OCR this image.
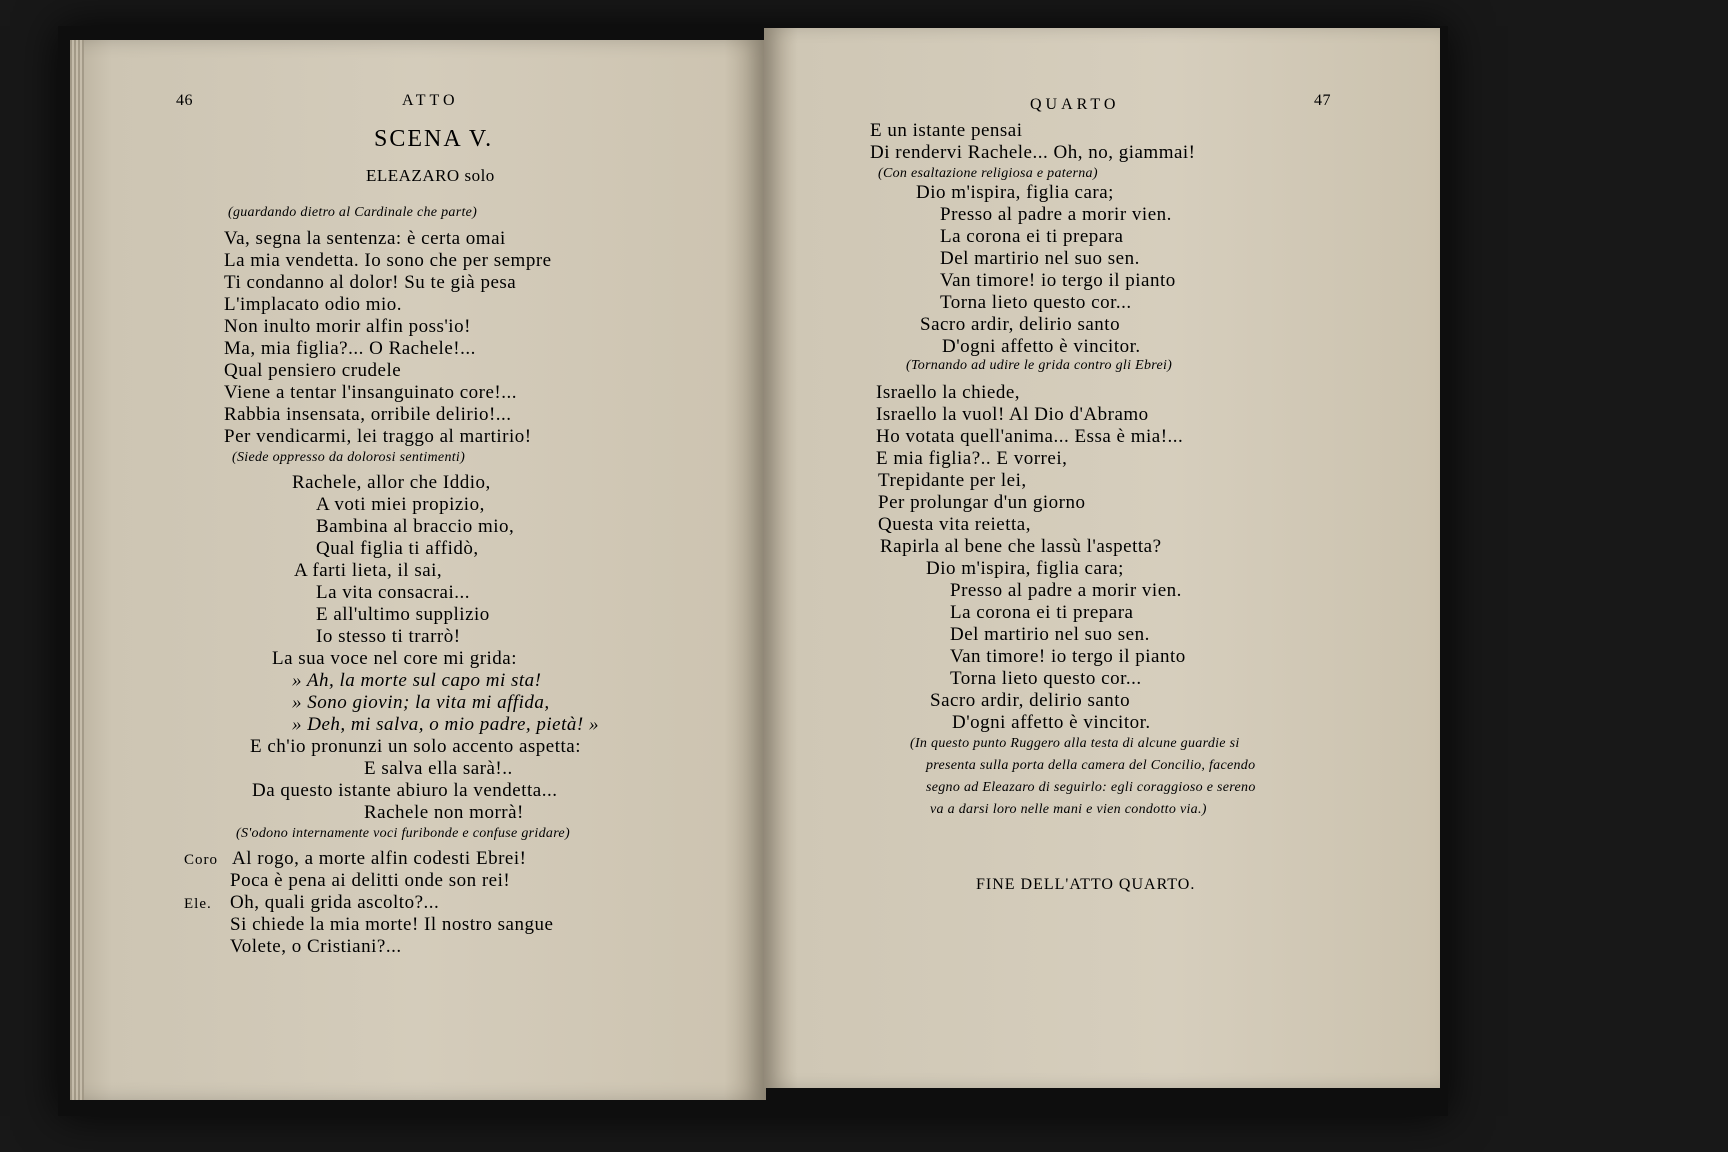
46	ATTO
SCENA V.
ELEAZARO solo
(guardando dietro al Cardinale che parte)
Va, segna la sentenza: è certa omai
La mia vendetta. Io sono che per sempre
Ti condanno al dolor! Su te già pesa
L'implacato odio mio.
Non inulto morir alfin poss'io!
Ma, mia figlia?... O Rachele!...
Qual pensiero crudele
Viene a tentar l'insanguinato core!...
Rabbia insensata, orribile delirio!...
Per vendicarmi, lei traggo al martirio!
(Siede oppresso da dolorosi sentimenti)
Rachele, allor che Iddio,
A voti miei propizio,
Bambina al braccio mio,
Qual figlia ti affidò,
A farti lieta, il sai,
La vita consacrai...
E all'ultimo supplizio
Io stesso ti trarrò!
La sua voce nel core mi grida:
» Ah, la morte sul capo mi sta!
» Sono giovin; la vita mi affida,
» Deh, mi salva, o mio padre, pietà! »
E ch'io pronunzi un solo accento aspetta:
E salva ella sarà!..
Da questo istante abiuro la vendetta...
Rachele non morrà!
(S'odono internamente voci furibonde e confuse gridare)
Coro Al rogo, a morte alfin codesti Ebrei!
Poca è pena ai delitti onde son rei!
Ele. Oh, quali grida ascolto?...
Si chiede la mia morte! Il nostro sangue
Volete, o Cristiani?...
QUARTO	47
E un istante pensai
Di rendervi Rachele... Oh, no, giammai!
(Con esaltazione religiosa e paterna)
Dio m'ispira, figlia cara;
Presso al padre a morir vien.
La corona ei ti prepara
Del martirio nel suo sen.
Van timore! io tergo il pianto
Torna lieto questo cor...
Sacro ardir, delirio santo
D'ogni affetto è vincitor.
(Tornando ad udire le grida contro gli Ebrei)
Israello la chiede,
Israello la vuol! Al Dio d'Abramo
Ho votata quell'anima... Essa è mia!...
E mia figlia?.. E vorrei,
Trepidante per lei,
Per prolungar d'un giorno
Questa vita reietta,
Rapirla al bene che lassù l'aspetta?
Dio m'ispira, figlia cara;
Presso al padre a morir vien.
La corona ei ti prepara
Del martirio nel suo sen.
Van timore! io tergo il pianto
Torna lieto questo cor...
Sacro ardir, delirio santo
D'ogni affetto è vincitor.
(In questo punto Ruggero alla testa di alcune guardie si
presenta sulla porta della camera del Concilio, facendo
segno ad Eleazaro di seguirlo: egli coraggioso e sereno
va a darsi loro nelle mani e vien condotto via.)
FINE DELL'ATTO QUARTO.
